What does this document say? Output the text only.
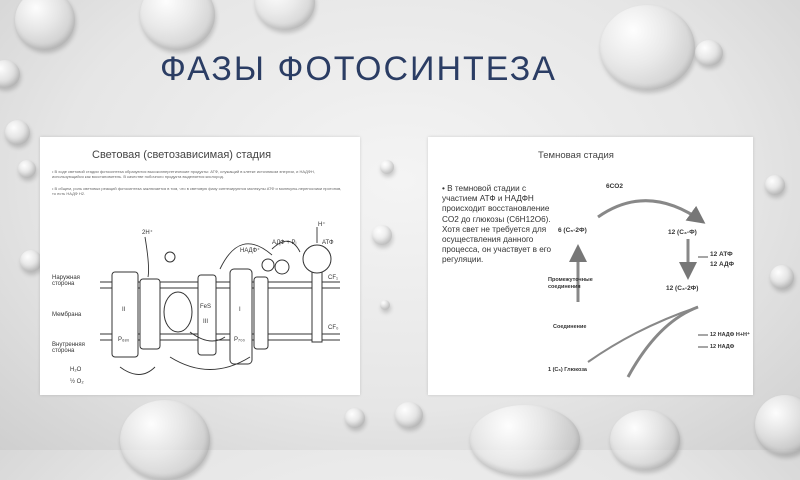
ФАЗЫ ФОТОСИНТЕЗА
Световая (светозависимая) стадия
• В ходе световой стадии фотосинтеза образуются высокоэнергетические продукты: АТФ, служащий в клетке источником энергии, и НАДФН, использующийся как восстановитель. В качестве побочного продукта выделяется кислород.
• В общем, роль световых реакций фотосинтеза заключается в том, что в световую фазу синтезируются молекулы АТФ и молекулы-переносчики протонов, то есть НАДФ Н2.
Наружная сторона
Мембрана
Внутренняя сторона
АТФ
АДФ + Pᵢ
НАДФ⁺
H⁺
CF₁
CF₀
FeS
P₇₀₀
P₆₈₀
2H⁺
H₂O
½ O₂
II
III
I
Темновая стадия
• В темновой стадии с участием АТФ и НАДФН происходит восстановление CO2 до глюкозы (C6H12O6). Хотя свет не требуется для осуществления данного процесса, он участвует в его регуляции.
6CO2
6 (C₅-2Ф)	12 (C₃-Ф)
12 АТФ
12 АДФ
12 (C₃-2Ф)
Промежуточные соединения
Соединение
12 НАДФ H+H⁺
12 НАДФ
1 (C₆) Глюкоза
